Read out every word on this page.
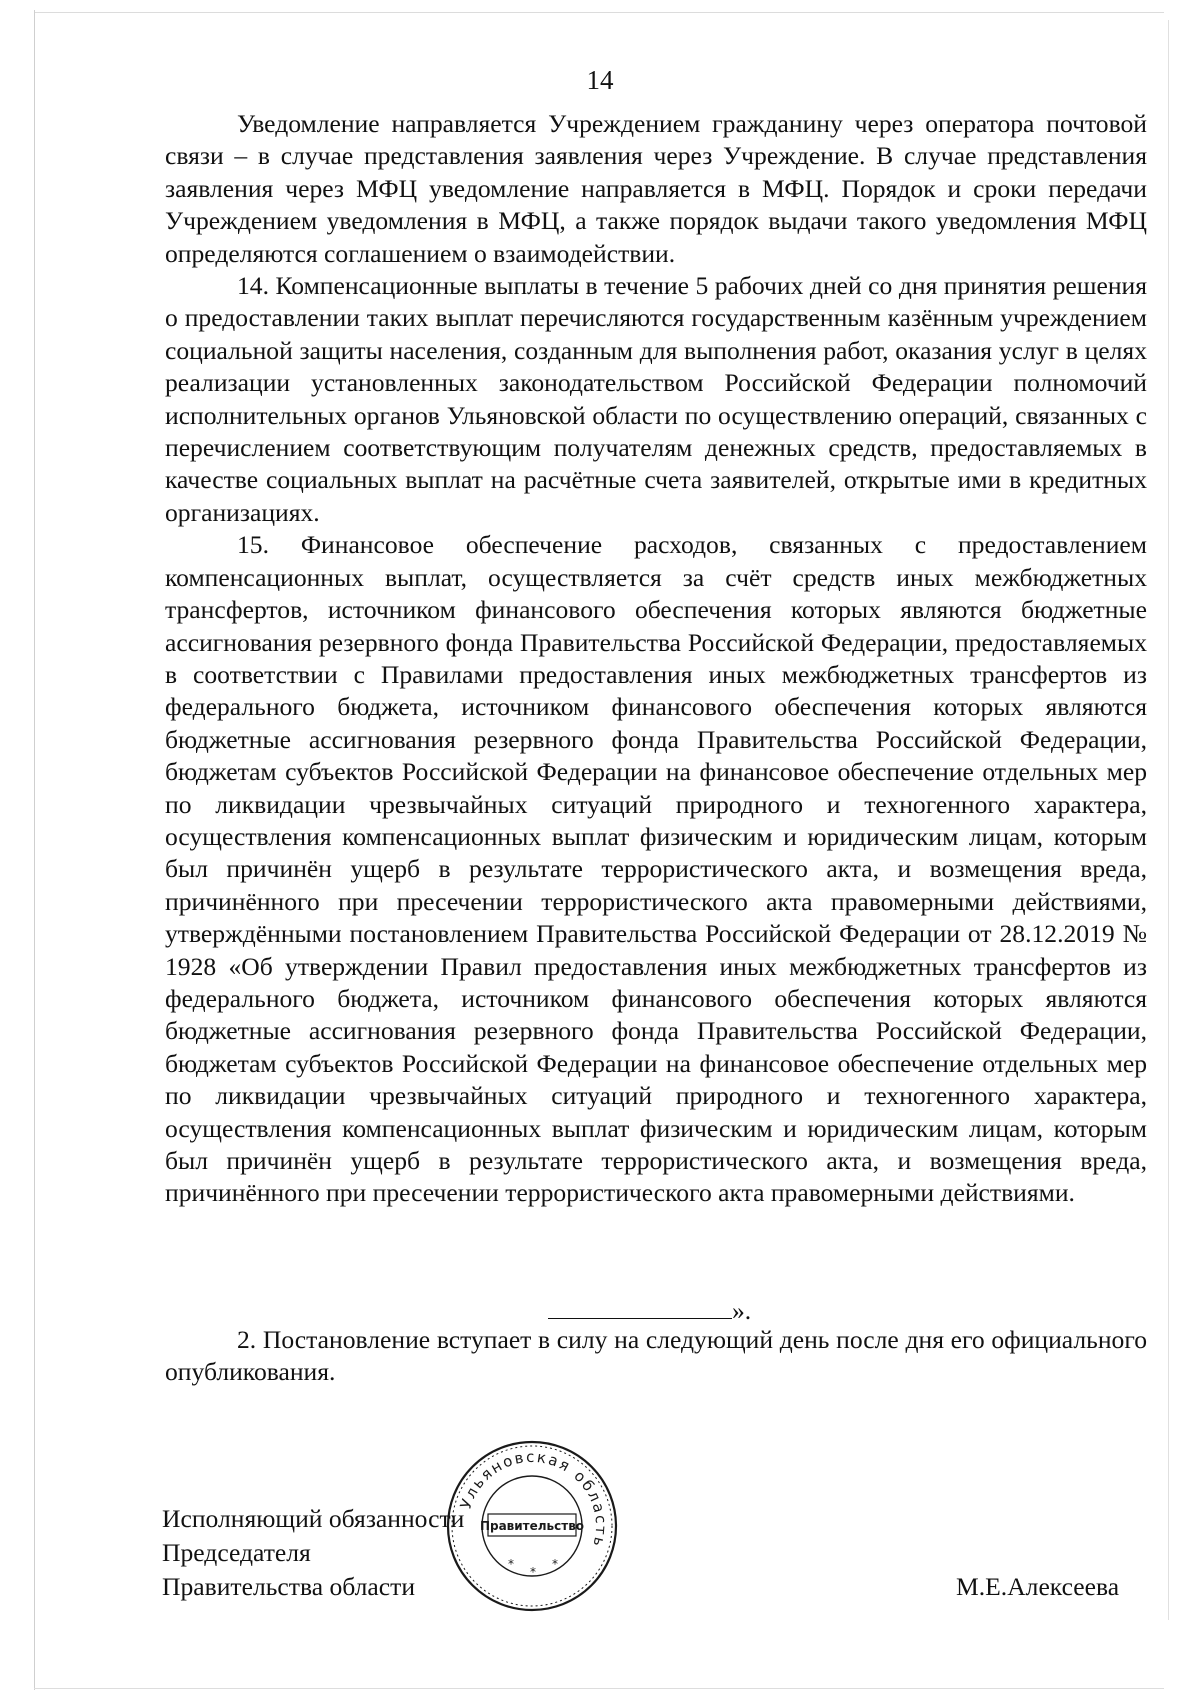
14

Уведомление направляется Учреждением гражданину через оператора почтовой связи – в случае представления заявления через Учреждение. В случае представления заявления через МФЦ уведомление направляется в МФЦ. Порядок и сроки передачи Учреждением уведомления в МФЦ, а также порядок выдачи такого уведомления МФЦ определяются соглашением о взаимодействии.

14. Компенсационные выплаты в течение 5 рабочих дней со дня принятия решения о предоставлении таких выплат перечисляются государственным казённым учреждением социальной защиты населения, созданным для выполнения работ, оказания услуг в целях реализации установленных законодательством Российской Федерации полномочий исполнительных органов Ульяновской области по осуществлению операций, связанных с перечислением соответствующим получателям денежных средств, предоставляемых в качестве социальных выплат на расчётные счета заявителей, открытые ими в кредитных организациях.

15. Финансовое обеспечение расходов, связанных с предоставлением компенсационных выплат, осуществляется за счёт средств иных межбюджетных трансфертов, источником финансового обеспечения которых являются бюджетные ассигнования резервного фонда Правительства Российской Федерации, предоставляемых в соответствии с Правилами предоставления иных межбюджетных трансфертов из федерального бюджета, источником финансового обеспечения которых являются бюджетные ассигнования резервного фонда Правительства Российской Федерации, бюджетам субъектов Российской Федерации на финансовое обеспечение отдельных мер по ликвидации чрезвычайных ситуаций природного и техногенного характера, осуществления компенсационных выплат физическим и юридическим лицам, которым был причинён ущерб в результате террористического акта, и возмещения вреда, причинённого при пресечении террористического акта правомерными действиями, утверждёнными постановлением Правительства Российской Федерации от 28.12.2019 № 1928 «Об утверждении Правил предоставления иных межбюджетных трансфертов из федерального бюджета, источником финансового обеспечения которых являются бюджетные ассигнования резервного фонда Правительства Российской Федерации, бюджетам субъектов Российской Федерации на финансовое обеспечение отдельных мер по ликвидации чрезвычайных ситуаций природного и техногенного характера, осуществления компенсационных выплат физическим и юридическим лицам, которым был причинён ущерб в результате террористического акта, и возмещения вреда, причинённого при пресечении террористического акта правомерными действиями.

».

2. Постановление вступает в силу на следующий день после дня его официального опубликования.

Исполняющий обязанности
Председателя
Правительства области
Ульяновская область
Правительство
*
*
*
М.Е.Алексеева
